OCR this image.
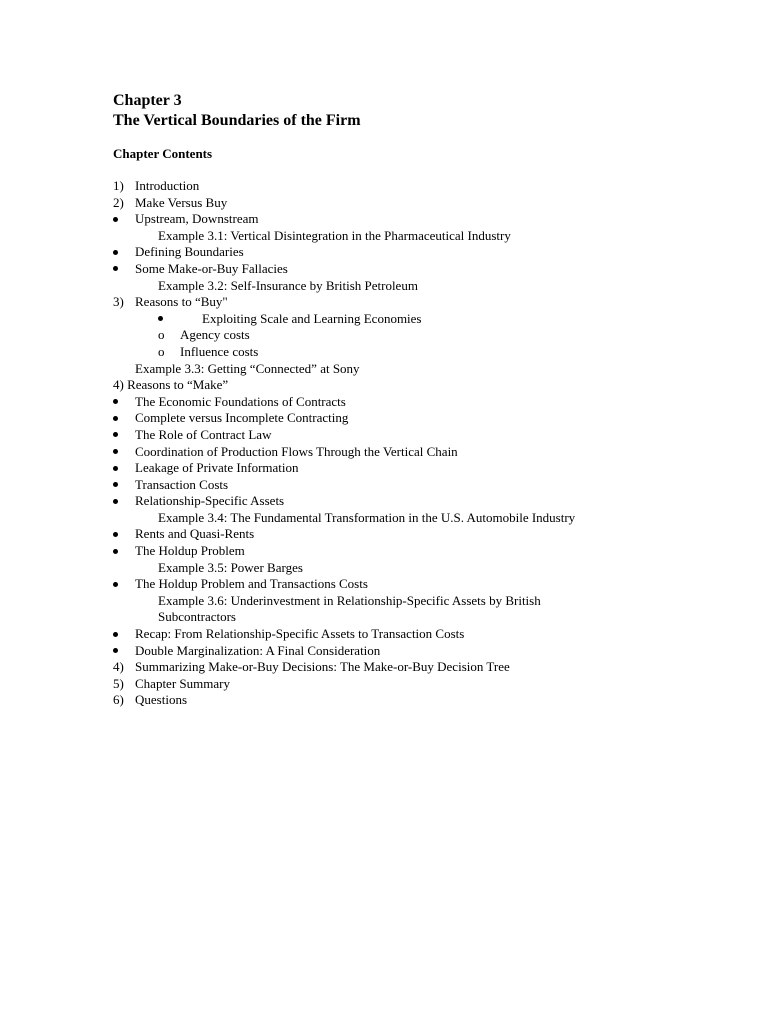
Chapter 3
The Vertical Boundaries of the Firm
Chapter Contents
1) Introduction
2) Make Versus Buy
Upstream, Downstream
Example 3.1: Vertical Disintegration in the Pharmaceutical Industry
Defining Boundaries
Some Make-or-Buy Fallacies
Example 3.2: Self-Insurance by British Petroleum
3) Reasons to “Buy"
Exploiting Scale and Learning Economies
o Agency costs
o Influence costs
Example 3.3: Getting “Connected” at Sony
4) Reasons to “Make”
The Economic Foundations of Contracts
Complete versus Incomplete Contracting
The Role of Contract Law
Coordination of Production Flows Through the Vertical Chain
Leakage of Private Information
Transaction Costs
Relationship-Specific Assets
Example 3.4: The Fundamental Transformation in the U.S. Automobile Industry
Rents and Quasi-Rents
The Holdup Problem
Example 3.5: Power Barges
The Holdup Problem and Transactions Costs
Example 3.6: Underinvestment in Relationship-Specific Assets by British
Subcontractors
Recap: From Relationship-Specific Assets to Transaction Costs
Double Marginalization: A Final Consideration
4) Summarizing Make-or-Buy Decisions: The Make-or-Buy Decision Tree
5) Chapter Summary
6) Questions
